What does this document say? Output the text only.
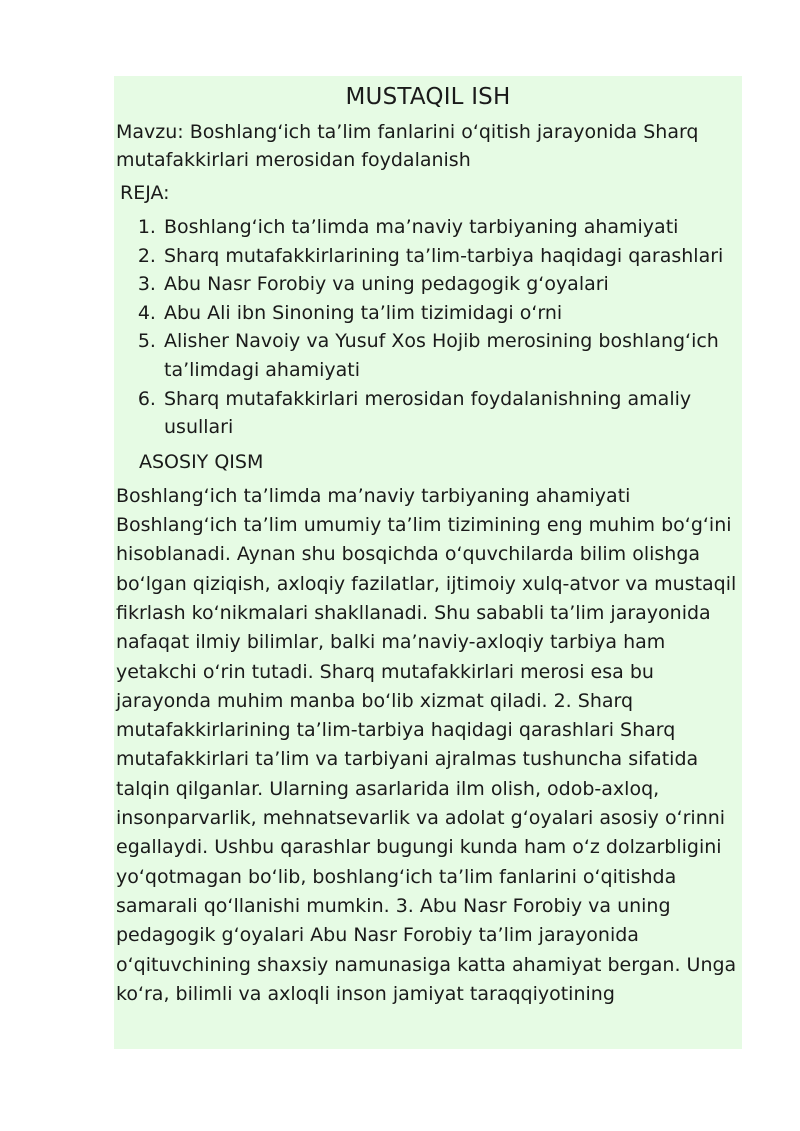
MUSTAQIL ISH
Mavzu: Boshlang‘ich ta’lim fanlarini o‘qitish jarayonida Sharq mutafakkirlari merosidan foydalanish
REJA:
1. Boshlang‘ich ta’limda ma’naviy tarbiyaning ahamiyati
2. Sharq mutafakkirlarining ta’lim-tarbiya haqidagi qarashlari
3. Abu Nasr Forobiy va uning pedagogik g‘oyalari
4. Abu Ali ibn Sinoning ta’lim tizimidagi o‘rni
5. Alisher Navoiy va Yusuf Xos Hojib merosining boshlang‘ich ta’limdagi ahamiyati
6. Sharq mutafakkirlari merosidan foydalanishning amaliy usullari
ASOSIY QISM
Boshlang‘ich ta’limda ma’naviy tarbiyaning ahamiyati Boshlang‘ich ta’lim umumiy ta’lim tizimining eng muhim bo‘g‘ini hisoblanadi. Aynan shu bosqichda o‘quvchilarda bilim olishga bo‘lgan qiziqish, axloqiy fazilatlar, ijtimoiy xulq-atvor va mustaqil fikrlash ko‘nikmalari shakllanadi. Shu sababli ta’lim jarayonida nafaqat ilmiy bilimlar, balki ma’naviy-axloqiy tarbiya ham yetakchi o‘rin tutadi. Sharq mutafakkirlari merosi esa bu jarayonda muhim manba bo‘lib xizmat qiladi. 2. Sharq mutafakkirlarining ta’lim-tarbiya haqidagi qarashlari Sharq mutafakkirlari ta’lim va tarbiyani ajralmas tushuncha sifatida talqin qilganlar. Ularning asarlarida ilm olish, odob-axloq, insonparvarlik, mehnatsevarlik va adolat g‘oyalari asosiy o‘rinni egallaydi. Ushbu qarashlar bugungi kunda ham o‘z dolzarbligini yo‘qotmagan bo‘lib, boshlang‘ich ta’lim fanlarini o‘qitishda samarali qo‘llanishi mumkin. 3. Abu Nasr Forobiy va uning pedagogik g‘oyalari Abu Nasr Forobiy ta’lim jarayonida o‘qituvchining shaxsiy namunasiga katta ahamiyat bergan. Unga ko‘ra, bilimli va axloqli inson jamiyat taraqqiyotining
